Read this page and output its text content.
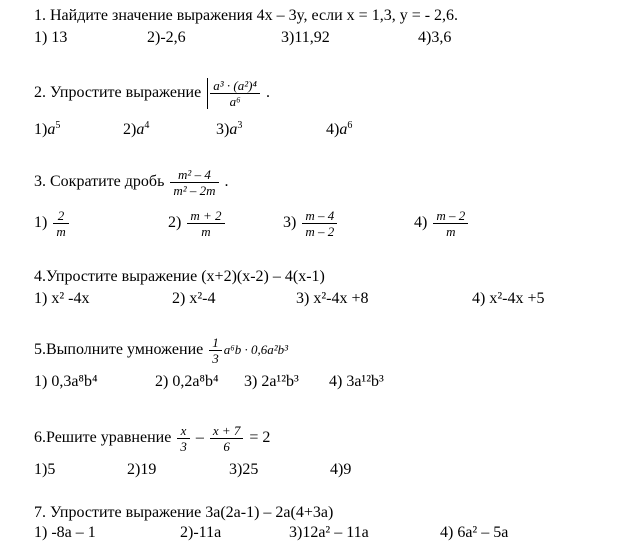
1. Найдите значение выражения 4x – 3y, если x = 1,3, y = - 2,6.
1) 13	2)-2,6	3)11,92	4)3,6
2. Упростите выражение $\frac{\text{a³ · (a²)⁴}}{\text{a⁶}}$ .
$1)a^5$	$2)a^4$	$3)a^3$	$4)a^6$
3. Сократите дробь $\frac{\text{m² – 4}}{\text{m² – 2m}}$ .
$1) \frac{2}{m}$	$2) \frac{m + 2}{m}$	$3) \frac{m - 4}{m - 2}$	$4) \frac{m - 2}{m}$
4.Упростите выражение (x+2)(x-2) – 4(x-1)
1) x² -4x	2) x²-4	3) x²-4x +8	4) x²-4x +5
5.Выполните умножение $\frac{1}{3} a^6b \cdot 0,6a^2b^3$
1) 0,3a⁸b⁴	2) 0,2a⁸b⁴ 3) 2a¹²b³ 4) 3a¹²b³
6.Решите уравнение $\frac{x}{3} - \frac{x + 7}{6} = 2$
1)5	2)19	3)25	4)9
7. Упростите выражение 3a(2a-1) – 2a(4+3a)
1) -8a – 1	2)-11a	3)12a² – 11a	4) 6a² – 5a
